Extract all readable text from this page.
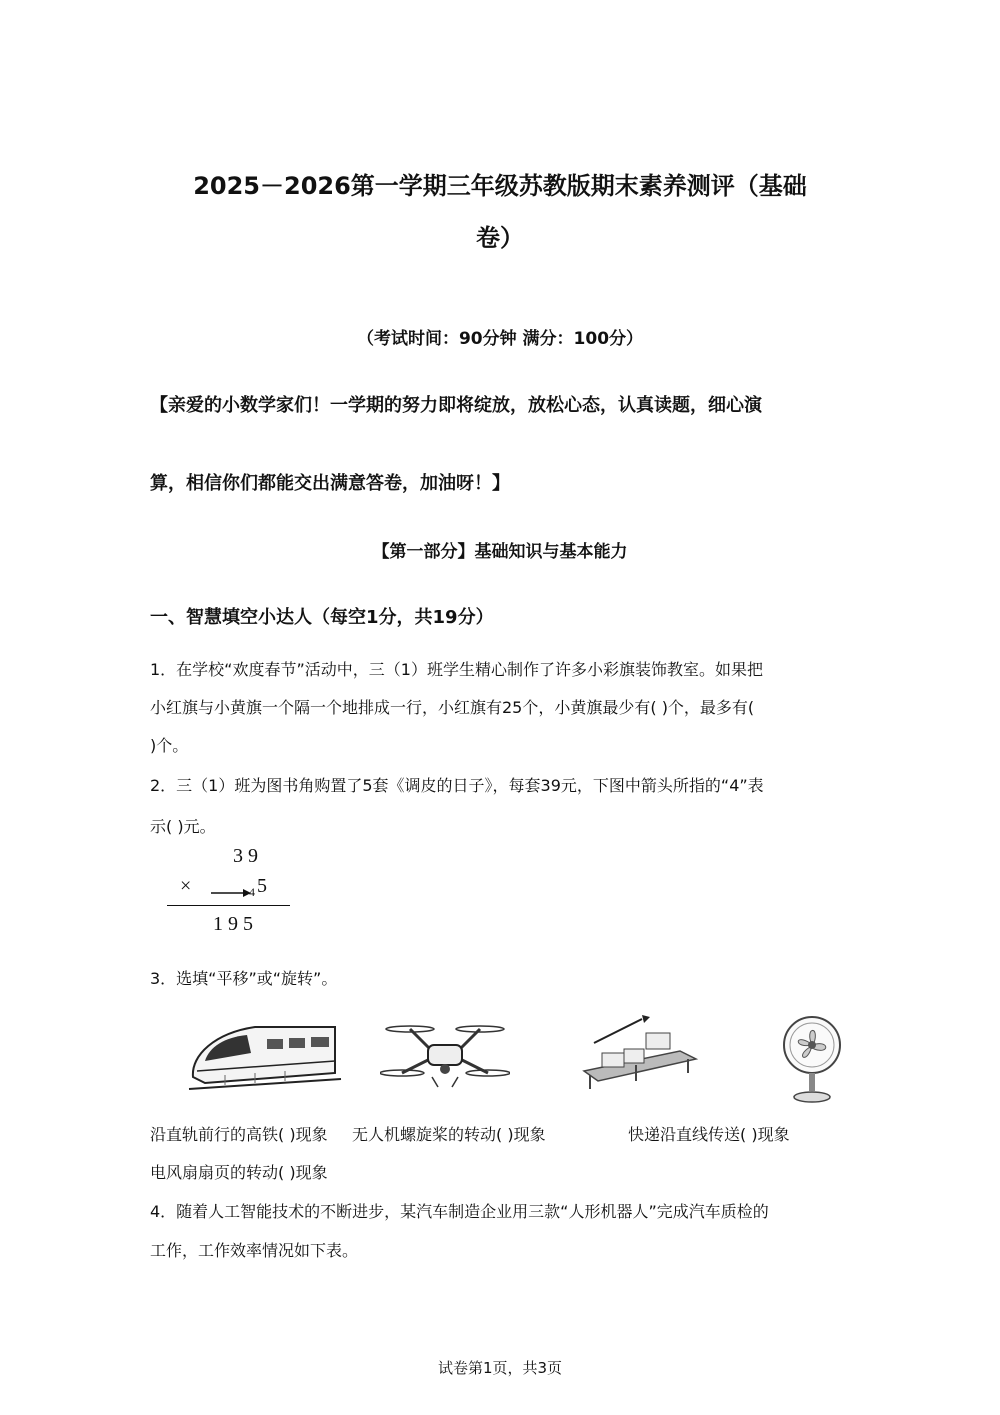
2025－2026第一学期三年级苏教版期末素养测评（基础
卷）
（考试时间：90分钟 满分：100分）
【亲爱的小数学家们！一学期的努力即将绽放，放松心态，认真读题，细心演
算，相信你们都能交出满意答卷，加油呀！】
【第一部分】基础知识与基本能力
一、智慧填空小达人（每空1分，共19分）
1．在学校“欢度春节”活动中，三（1）班学生精心制作了许多小彩旗装饰教室。如果把
小红旗与小黄旗一个隔一个地排成一行，小红旗有25个，小黄旗最少有( )个，最多有(
)个。
2．三（1）班为图书角购置了5套《调皮的日子》，每套39元，下图中箭头所指的“4”表
示( )元。
3 9
×	4 5
1 9 5
3．选填“平移”或“旋转”。
沿直轨前行的高铁( )现象	无人机螺旋桨的转动( )现象	快递沿直线传送( )现象
电风扇扇页的转动( )现象
4．随着人工智能技术的不断进步，某汽车制造企业用三款“人形机器人”完成汽车质检的
工作，工作效率情况如下表。
试卷第1页，共3页
